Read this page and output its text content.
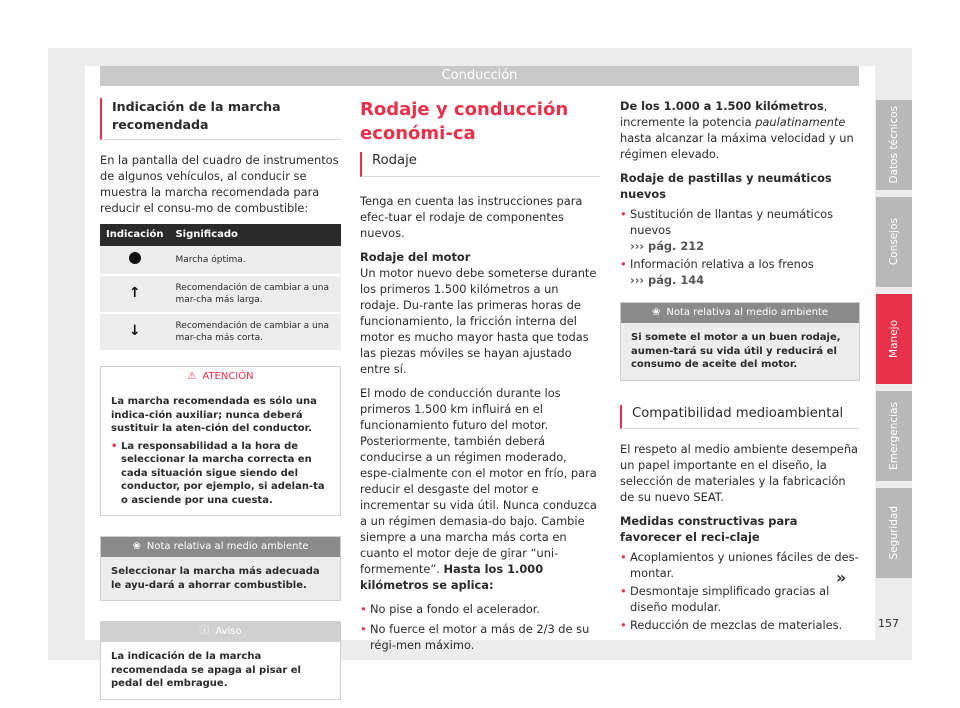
Conducción
Indicación de la marcha recomendada

En la pantalla del cuadro de instrumentos de algunos vehículos, al conducir se muestra la marcha recomendada para reducir el consu-mo de combustible:

Indicación	Significado
	Marcha óptima.
↑	Recomendación de cambiar a una mar-cha más larga.
↓	Recomendación de cambiar a una mar-cha más corta.
⚠ ATENCIÓN

La marcha recomendada es sólo una indica-ción auxiliar; nunca deberá sustituir la aten-ción del conductor.

• La responsabilidad a la hora de seleccionar la marcha correcta en cada situación sigue siendo del conductor, por ejemplo, si adelan-ta o asciende por una cuesta.
❀ Nota relativa al medio ambiente
Seleccionar la marcha más adecuada le ayu-dará a ahorrar combustible.
ⓘ Aviso
La indicación de la marcha recomendada se apaga al pisar el pedal del embrague.
Rodaje y conducción económi-ca
Rodaje

Tenga en cuenta las instrucciones para efec-tuar el rodaje de componentes nuevos.

Rodaje del motor

Un motor nuevo debe someterse durante los primeros 1.500 kilómetros a un rodaje. Du-rante las primeras horas de funcionamiento, la fricción interna del motor es mucho mayor hasta que todas las piezas móviles se hayan ajustado entre sí.

El modo de conducción durante los primeros 1.500 km influirá en el funcionamiento futuro del motor. Posteriormente, también deberá conducirse a un régimen moderado, espe-cialmente con el motor en frío, para reducir el desgaste del motor e incrementar su vida útil. Nunca conduzca a un régimen demasia-do bajo. Cambie siempre a una marcha más corta en cuanto el motor deje de girar “uni-formemente”. Hasta los 1.000 kilómetros se aplica:

• No pise a fondo el acelerador.
• No fuerce el motor a más de 2/3 de su régi-men máximo.

De los 1.000 a 1.500 kilómetros, incremente la potencia paulatinamente hasta alcanzar la máxima velocidad y un régimen elevado.

Rodaje de pastillas y neumáticos nuevos
• Sustitución de llantas y neumáticos nuevos
››› pág. 212
• Información relativa a los frenos
››› pág. 144
❀ Nota relativa al medio ambiente
Si somete el motor a un buen rodaje, aumen-tará su vida útil y reducirá el consumo de aceite del motor.
Compatibilidad medioambiental

El respeto al medio ambiente desempeña un papel importante en el diseño, la selección de materiales y la fabricación de su nuevo SEAT.

Medidas constructivas para favorecer el reci-claje
• Acoplamientos y uniones fáciles de des-montar.
• Desmontaje simplificado gracias al diseño modular.
• Reducción de mezclas de materiales.
»
Datos técnicos
Consejos
Manejo
Emergencias
Seguridad
157
